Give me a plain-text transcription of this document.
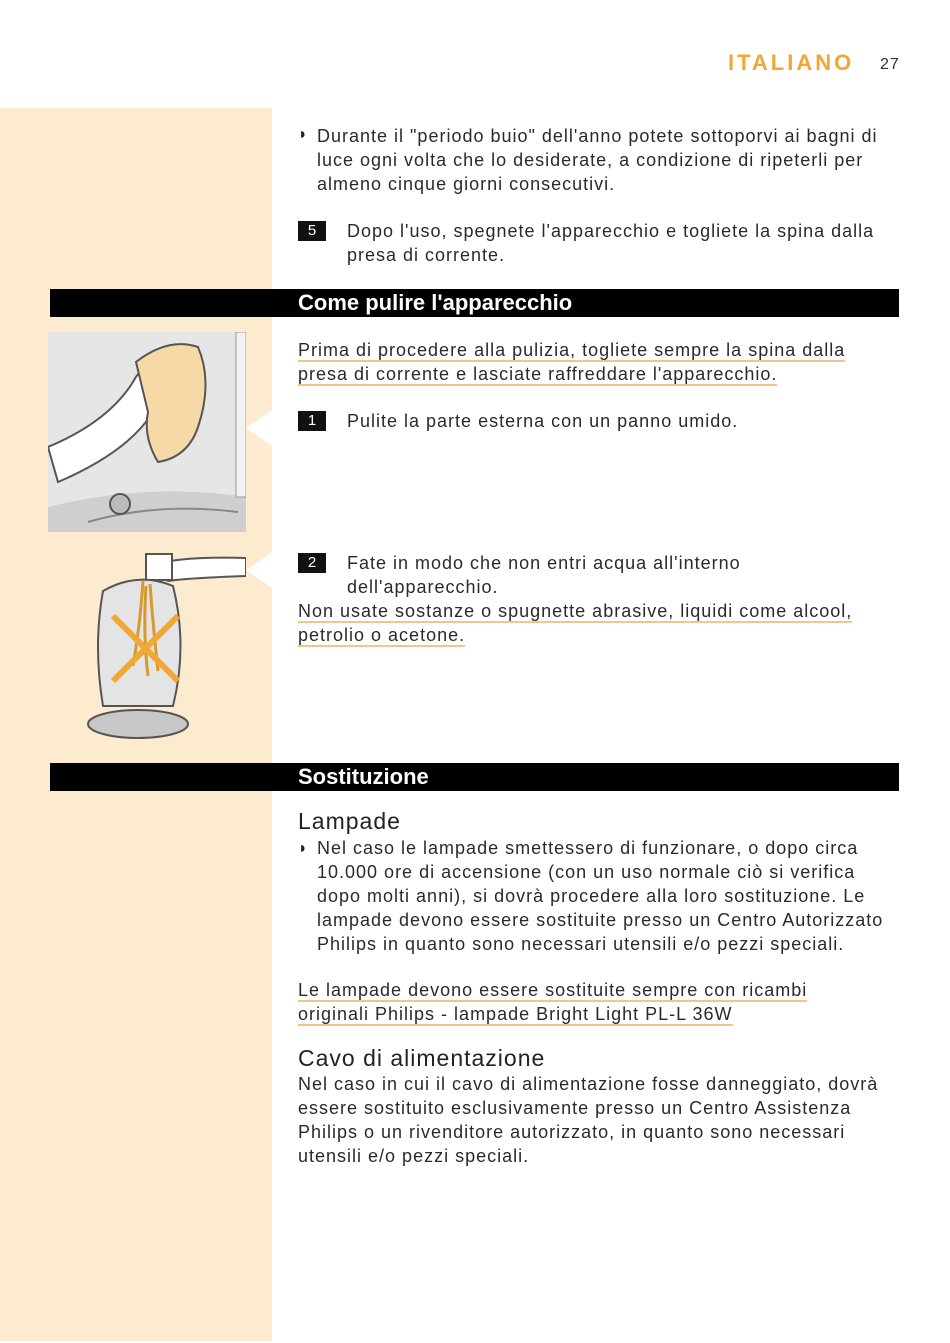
ITALIANO 27
◗ Durante il "periodo buio" dell'anno potete sottoporvi ai bagni di luce ogni volta che lo desiderate, a condizione di ripeterli per almeno cinque giorni consecutivi.
5	Dopo l'uso, spegnete l'apparecchio e togliete la spina dalla presa di corrente.
Come pulire l'apparecchio
Prima di procedere alla pulizia, togliete sempre la spina dalla presa di corrente e lasciate raffreddare l'apparecchio.
1	Pulite la parte esterna con un panno umido.
2	Fate in modo che non entri acqua all'interno dell'apparecchio.
Non usate sostanze o spugnette abrasive, liquidi come alcool, petrolio o acetone.
Sostituzione
Lampade
◗ Nel caso le lampade smettessero di funzionare, o dopo circa 10.000 ore di accensione (con un uso normale ciò si verifica dopo molti anni), si dovrà procedere alla loro sostituzione. Le lampade devono essere sostituite presso un Centro Autorizzato Philips in quanto sono necessari utensili e/o pezzi speciali.
Le lampade devono essere sostituite sempre con ricambi originali Philips - lampade Bright Light PL-L 36W
Cavo di alimentazione
Nel caso in cui il cavo di alimentazione fosse danneggiato, dovrà essere sostituito esclusivamente presso un Centro Assistenza Philips o un rivenditore autorizzato, in quanto sono necessari utensili e/o pezzi speciali.
